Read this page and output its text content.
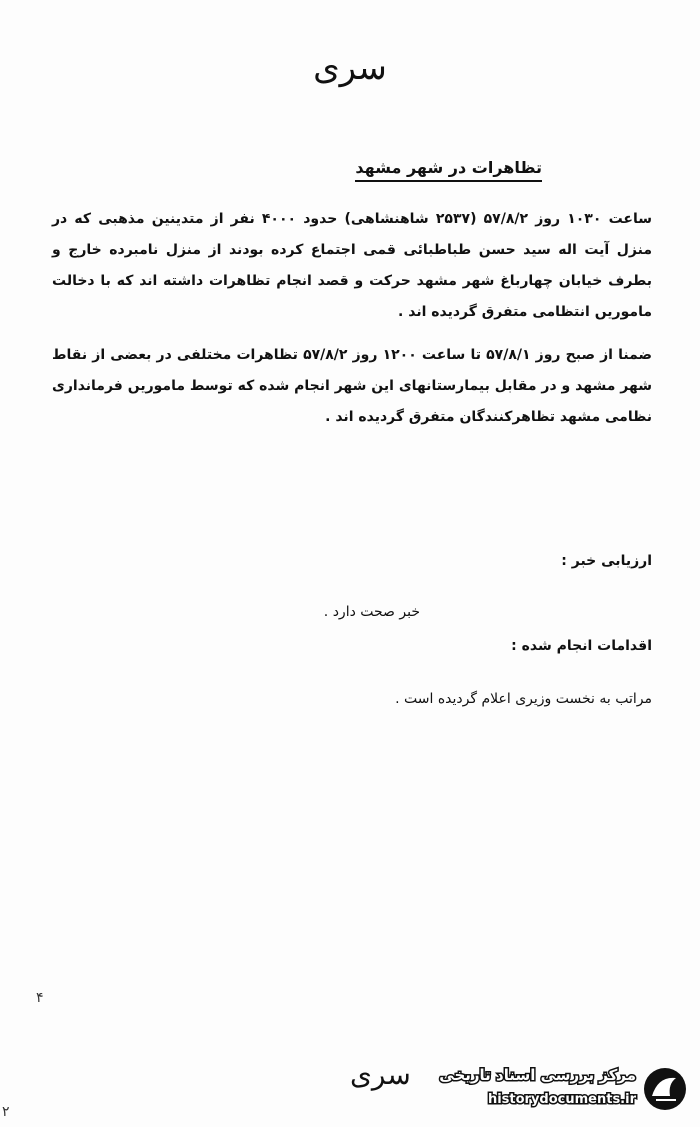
سری
تظاهرات در شهر مشهد
ساعت ۱۰۳۰ روز ۵۷/۸/۲ (۲۵۳۷ شاهنشاهی) حدود ۴۰۰۰ نفر از متدینین مذهبی که در منزل آیت اله سید حسن طباطبائی قمی اجتماع کرده بودند از منزل نامبرده خارج و بطرف خیابان چهارباغ شهر مشهد حرکت و قصد انجام تظاهرات داشته اند که با دخالت ماموریں انتظامی متفرق گردیده اند .
ضمنا از صبح روز ۵۷/۸/۱ تا ساعت ۱۲۰۰ روز ۵۷/۸/۲ تظاهرات مختلفی در بعضی از نقاط شهر مشهد و در مقابل بیمارستانهای این شهر انجام شده که توسط ماموریں فرمانداری نظامی مشهد تظاهرکنندگان متفرق گردیده اند .
ارزیابی خبر :
خبر صحت دارد .
اقدامات انجام شده :
مراتب به نخست وزیری اعلام گردیده است .
۴
۲
سری مرکز بررسی اسناد تاریخی
historydocuments.ir
